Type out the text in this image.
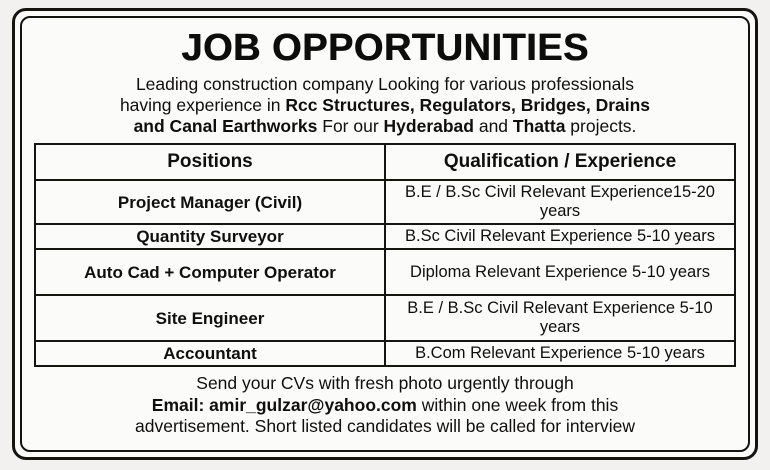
JOB OPPORTUNITIES
Leading construction company Looking for various professionals
having experience in Rcc Structures, Regulators, Bridges, Drains
and Canal Earthworks For our Hyderabad and Thatta projects.
Positions	Qualification / Experience
Project Manager (Civil)	B.E / B.Sc Civil Relevant Experience15-20 years
Quantity Surveyor	B.Sc Civil Relevant Experience 5-10 years
Auto Cad + Computer Operator	Diploma Relevant Experience 5-10 years
Site Engineer	B.E / B.Sc Civil Relevant Experience 5-10 years
Accountant	B.Com Relevant Experience 5-10 years
Send your CVs with fresh photo urgently through
Email: amir_gulzar@yahoo.com within one week from this
advertisement. Short listed candidates will be called for interview
